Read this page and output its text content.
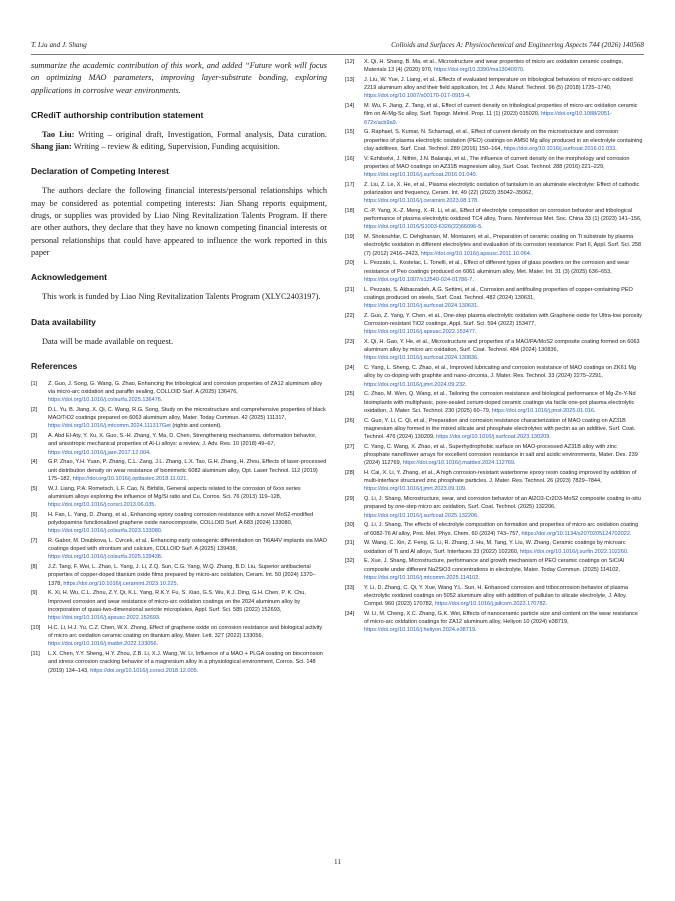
T. Liu and J. Shang	Colloids and Surfaces A: Physicochemical and Engineering Aspects 744 (2026) 140568

summarize the academic contribution of this work, and added “Future work will focus on optimizing MAO parameters, improving layer-substrate bonding, exploring applications in corrosive wear environments.

CRediT authorship contribution statement

Tao Liu: Writing – original draft, Investigation, Formal analysis, Data curation. Shang jian: Writing – review & editing, Supervision, Funding acquisition.

Declaration of Competing Interest

The authors declare the following financial interests/personal relationships which may be considered as potential competing interests: Jian Shang reports equipment, drugs, or supplies was provided by Liao Ning Revitalization Talents Program. If there are other authors, they declare that they have no known competing financial interests or personal relationships that could have appeared to influence the work reported in this paper

Acknowledgement

This work is funded by Liao Ning Revitalization Talents Program (XLYC2403197).

Data availability

Data will be made available on request.

References
[1]	Z. Guo, J. Song, G. Wang, G. Zhao, Enhancing the tribological and corrosion properties of ZA12 aluminum alloy via micro-arc oxidation and paraffin sealing, COLLOID Surf. A (2025) 136476, https://doi.org/10.1016/j.colsurfa.2025.136476.
[2]	D.L. Yu, B. Jiang, X. Qi, C. Wang, R.G. Song, Study on the microstructure and comprehensive properties of black MAO/TiO2 coatings prepared on 6063 aluminum alloy, Mater. Today Commun. 42 (2025) 111317, https://doi.org/10.1016/j.mtcomm.2024.111317Get (rights and content).
[3]	A. Abd El-Aty, Y. Xu, X. Guo, S.-H. Zhang, Y. Ma, D. Chen, Strengthening mechanisms, deformation behavior, and anisotropic mechanical properties of Al-Li alloys: a review, J. Adv. Res. 10 (2018) 49–67, https://doi.org/10.1016/j.jare.2017.12.004.
[4]	G.P. Zhao, Y.H. Yuan, P. Zhang, C.L. Zang, J.L. Zhang, L.X. Tao, G.H. Zhang, H. Zhou, Effects of laser-processed unit distribution density on wear resistance of biomimetic 6082 aluminum alloy, Opt. Laser Technol. 112 (2019) 175–182, https://doi.org/10.1016/j.optlastec.2018.11.021.
[5]	W.J. Liang, P.A. Rometsch, L.F. Cao, N. Birbilis, General aspects related to the corrosion of 6xxx series aluminium alloys exploring the influence of Mg/Si ratio and Cu, Corros. Sci. 76 (2013) 119–128, https://doi.org/10.1016/j.corsci.2013.06.035.
[6]	H. Fan, L. Yang, D. Zhang, et al., Enhancing epoxy coating corrosion resistance with a novel MoS2-modified polydopamine functionalized graphene oxide nanocomposite, COLLOID Surf. A 683 (2024) 133080, https://doi.org/10.1016/j.colsurfa.2023.133080.
[7]	R. Gabor, M. Doubkova, L. Cvrcek, et al., Enhancing early osteogenic differentiation on Ti6Al4V implants via MAO coatings doped with strontium and calcium, COLLOID Surf. A (2025) 139438, https://doi.org/10.1016/j.colsurfa.2025.139438.
[8]	J.Z. Tang, F. Wei, L. Zhao, L. Yang, J. Li, Z.Q. Sun, C.G. Yang, W.Q. Zhang, B.D. Liu, Superior antibacterial properties of copper-doped titanium oxide films prepared by micro-arc oxidation, Ceram. Int. 50 (2024) 1370–1378, https://doi.org/10.1016/j.ceramint.2023.10.225.
[9]	K. Xi, H. Wu, C.L. Zhou, Z.Y. Qi, K.L. Yang, R.K.Y. Fu, S. Xiao, G.S. Wu, K.J. Ding, G.H. Chen, P. K. Chu, Improved corrosion and wear resistance of micro-arc oxidation coatings on the 2024 aluminum alloy by incorporation of quasi-two-dimensional sericite microplates, Appl. Surf. Sci. 585 (2022) 152693, https://doi.org/10.1016/j.apsusc.2022.152693.
[10]	H.C. Li, H.J. Yu, C.Z. Chen, W.X. Zhong, Effect of graphene oxide on corrosion resistance and biological activity of micro arc oxidation ceramic coating on titanium alloy, Mater. Lett. 327 (2022) 133056, https://doi.org/10.1016/j.matlet.2022.133056.
[11]	L.X. Chen, Y.Y. Sheng, H.Y. Zhou, Z.B. Li, X.J. Wang, W. Li, Influence of a MAO + PLGA coating on biocorrosion and stress corrosion cracking behavior of a magnesium alloy in a physiological environment, Corros. Sci. 148 (2019) 134–143, https://doi.org/10.1016/j.corsci.2018.12.005.
[12]	X. Qi, H. Shang, B. Ma, et al., Microstructure and wear properties of micro arc oxidation ceramic coatings, Materials 13 (4) (2020) 970, https://doi.org/10.3390/ma13040970.
[13]	J. Liu, W. Yue, J. Liang, et al., Effects of evaluated temperature on tribological behaviors of micro-arc oxidized 2219 aluminum alloy and their field application, Int. J. Adv. Manuf. Technol. 96 (5) (2018) 1725–1740, https://doi.org/10.1007/s00170-017-0919-4.
[14]	M. Wu, F. Jiang, Z. Tang, et al., Effect of current density on tribological properties of micro-arc oxidation ceramic film on Al-Mg-Sc alloy, Surf. Topogr. Metrol. Prop. 11 (1) (2023) 015020, https://doi.org/10.1088/2051-672x/acb9a9.
[15]	G. Raphael, S. Kumar, N. Scharnagl, et al., Effect of current density on the microstructure and corrosion properties of plasma electrolytic oxidation (PEO) coatings on AM50 Mg alloy produced in an electrolyte containing clay additives, Surf. Coat. Technol. 289 (2016) 150–164, https://doi.org/10.1016/j.surfcoat.2016.01.033.
[16]	V. Ezhilselvi, J. Nithin, J.N. Balaraju, et al., The influence of current density on the morphology and corrosion properties of MAO coatings on AZ31B magnesium alloy, Surf. Coat. Technol. 288 (2016) 221–229, https://doi.org/10.1016/j.surfcoat.2016.01.040.
[17]	Z. Liu, Z. Le, X. He, et al., Plasma electrolytic oxidation of tantalum in an aluminate electrolyte: Effect of cathodic polarization and frequency, Ceram. Int. 49 (22) (2023) 35042–35062, https://doi.org/10.1016/j.ceramint.2023.08.178.
[18]	C.-P. Yang, X.-Z. Meng, X.-R. Li, et al., Effect of electrolyte composition on corrosion behavior and tribological performance of plasma electrolytic oxidized TC4 alloy, Trans. Nonferrous Met. Soc. China 33 (1) (2023) 141–156, https://doi.org/10.1016/S1003-6326(22)66096-5.
[19]	M. Shokouhfar, C. Dehghanian, M. Montazeri, et al., Preparation of ceramic coating on Ti substrate by plasma electrolytic oxidation in different electrolytes and evaluation of its corrosion resistance: Part II, Appl. Surf. Sci. 258 (7) (2012) 2416–2423, https://doi.org/10.1016/j.apsusc.2011.10.064.
[20]	L. Pezzato, L. Kostelac, L. Tonelli, et al., Effect of different types of glass powders on the corrosion and wear resistance of Peo coatings produced on 6061 aluminum alloy, Met. Mater. Int. 31 (3) (2025) 636–653, https://doi.org/10.1007/s12540-024-01786-7.
[21]	L. Pezzato, S. Akbarzadeh, A.G. Settimi, et al., Corrosion and antifouling properties of copper-containing PEO coatings produced on steels, Surf. Coat. Technol. 482 (2024) 130631, https://doi.org/10.1016/j.surfcoat.2024.130631.
[22]	Z. Guo, Z. Yang, Y. Chen, et al., One-step plasma electrolytic oxidation with Graphene oxide for Ultra-low porosity Corrosion-resistant TiO2 coatings, Appl. Surf. Sci. 594 (2022) 153477, https://doi.org/10.1016/j.apsusc.2022.153477.
[23]	X. Qi, H. Gao, Y. He, et al., Microstructure and properties of a MAO/PA/MoS2 composite coating formed on 6063 aluminum alloy by micro arc oxidation, Surf. Coat. Technol. 484 (2024) 130836, https://doi.org/10.1016/j.surfcoat.2024.130836.
[24]	C. Yang, L. Sheng, C. Zhao, et al., Improved lubricating and corrosion resistance of MAO coatings on ZK61 Mg alloy by co-doping with graphite and nano-zirconia, J. Mater. Res. Technol. 33 (2024) 2275–2291, https://doi.org/10.1016/j.jmrt.2024.09.232.
[25]	C. Zhao, M. Wen, Q. Wang, et al., Tailoring the corrosion resistance and biological performance of Mg-Zn-Y-Nd bioimplants with multiphasic, pore-sealed cerium-doped ceramic coatings via facile one-pot plasma electrolytic oxidation, J. Mater. Sci. Technol. 230 (2025) 60–79, https://doi.org/10.1016/j.jmst.2025.01.016.
[26]	C. Guo, Y. Li, C. Qi, et al., Preparation and corrosion resistance characterization of MAO coating on AZ31B magnesium alloy formed in the mixed silicate and phosphate electrolytes with pectin as an additive, Surf. Coat. Technol. 476 (2024) 130209, https://doi.org/10.1016/j.surfcoat.2023.130209.
[27]	C. Yang, C. Wang, X. Zhao, et al., Superhydrophobic surface on MAO-processed AZ31B alloy with zinc phosphate nanoflower arrays for excellent corrosion resistance in salt and acidic environments, Mater. Des. 239 (2024) 112769, https://doi.org/10.1016/j.matdes.2024.112769.
[28]	H. Cai, X. Li, Y. Zhang, et al., A high corrosion-resistant waterborne epoxy resin coating improved by addition of multi-interface structured zinc phosphate particles, J. Mater. Res. Technol. 26 (2023) 7829–7844, https://doi.org/10.1016/j.jmrt.2023.09.109.
[29]	Q. Li, J. Shang, Microstructure, wear, and corrosion behavior of an Al2O3-Cr2O3-MoS2 composite coating in-situ prepared by one-step micro arc oxidation, Surf. Coat. Technol. (2025) 132206, https://doi.org/10.1016/j.surfcoat.2025.132206.
[30]	Q. Li, J. Shang, The effects of electrolyte composition on formation and properties of micro arc oxidation coating of 6082-T6 Al alloy, Prot. Met. Phys. Chem. 60 (2024) 743–757, https://doi.org/10.1134/s2070205124702022.
[31]	W. Wang, C. Xin, Z. Feng, G. Li, R. Zhang, J. Hu, M. Tang, Y. Liu, W. Zhang, Ceramic coatings by microarc oxidation of Ti and Al alloys, Surf. Interfaces 33 (2022) 102260, https://doi.org/10.1016/j.surfin.2022.102260.
[32]	E. Xue, J. Shang, Microstructure, performance and growth mechanism of PEO ceramic coatings on SiC/Al composite under different Na2SiO3 concentrations in electrolyte, Mater. Today Commun. (2025) 114102, https://doi.org/10.1016/j.mtcomm.2025.114102.
[33]	Y. Li, D. Zhang, C. Qi, Y. Xue, Wang Y.L. Sun, H. Enhanced corrosion and tribocorrosion behavior of plasma electrolytic oxidized coatings on 5052 aluminum alloy with addition of pullulan to silicate electrolyte, J. Alloy. Compd. 960 (2023) 170782, https://doi.org/10.1016/j.jallcom.2023.170782.
[34]	W. Li, M. Cheng, X.C. Zhang, G.K. Wei, Effects of nanoceramic particle size and content on the wear resistance of micro-arc oxidation coatings for ZA12 aluminum alloy, Heliyon 10 (2024) e38719, https://doi.org/10.1016/j.heliyon.2024.e38719.
11
